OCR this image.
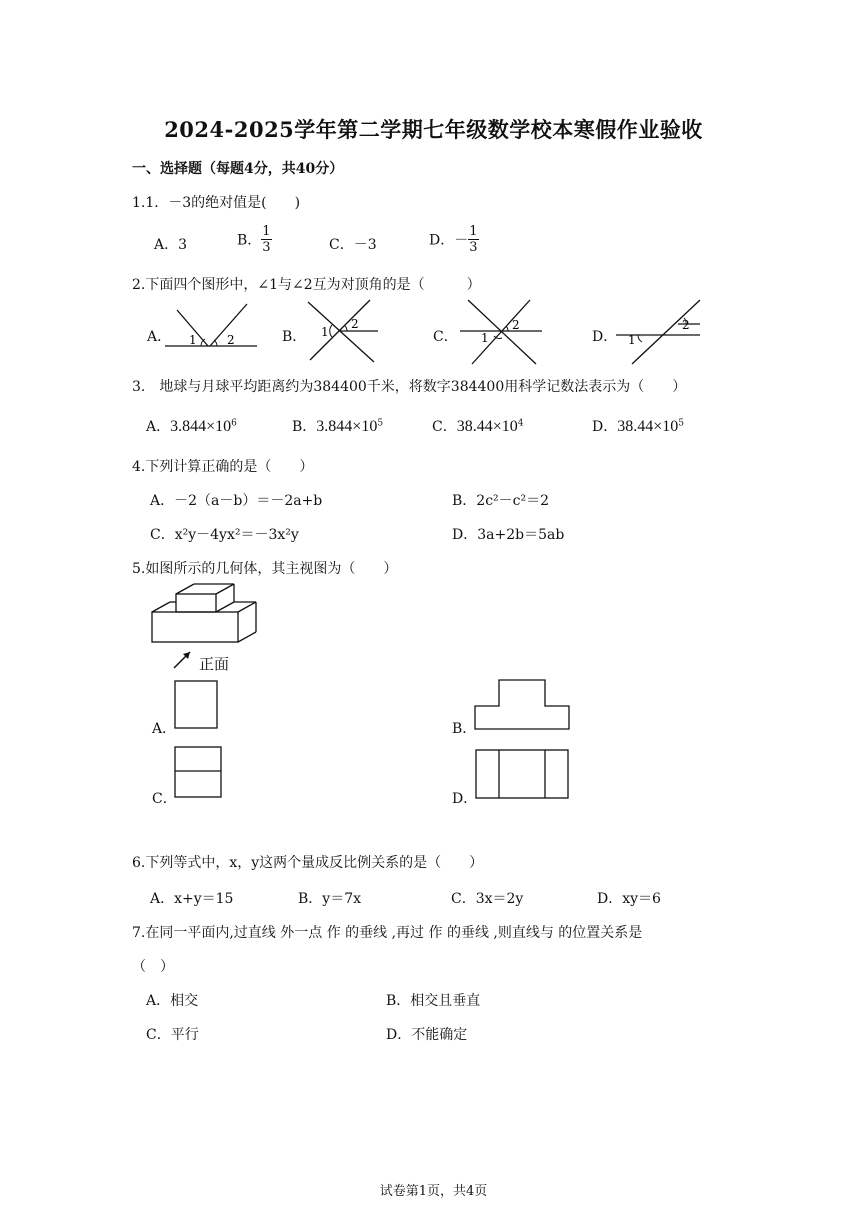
2024-2025学年第二学期七年级数学校本寒假作业验收
一、选择题（每题4分，共40分）
1.1．－3的绝对值是(　　)
A．3	B． $\frac{1}{3}$	C．－3	D．－ $\frac{1}{3}$
2.下面四个图形中，∠1与∠2互为对顶角的是（　　　）
A．	B．	C．	D．
1	2
1
2
1
2
1
2
3.　地球与月球平均距离约为384400千米，将数字384400用科学记数法表示为（　　）
A．$3.844\times 10^6$	B．$3.844\times 10^5$	C．$38.44\times 10^4$	D．$38.44\times 10^5$
4.下列计算正确的是（　　）
A．－2（a－b）＝－2a+b	B．2c²－c²＝2
C．x²y－4yx²＝－3x²y	D．3a+2b＝5ab
5.如图所示的几何体，其主视图为（　　）
正面
A．	B．
C．	D．
6.下列等式中，x，y这两个量成反比例关系的是（　　）
A．x+y＝15	B．y＝7x	C．3x＝2y	D．xy＝6
7.在同一平面内,过直线 外一点 作 的垂线 ,再过 作 的垂线 ,则直线与 的位置关系是
（　）
A．相交	B．相交且垂直
C．平行	D．不能确定
试卷第1页，共4页
